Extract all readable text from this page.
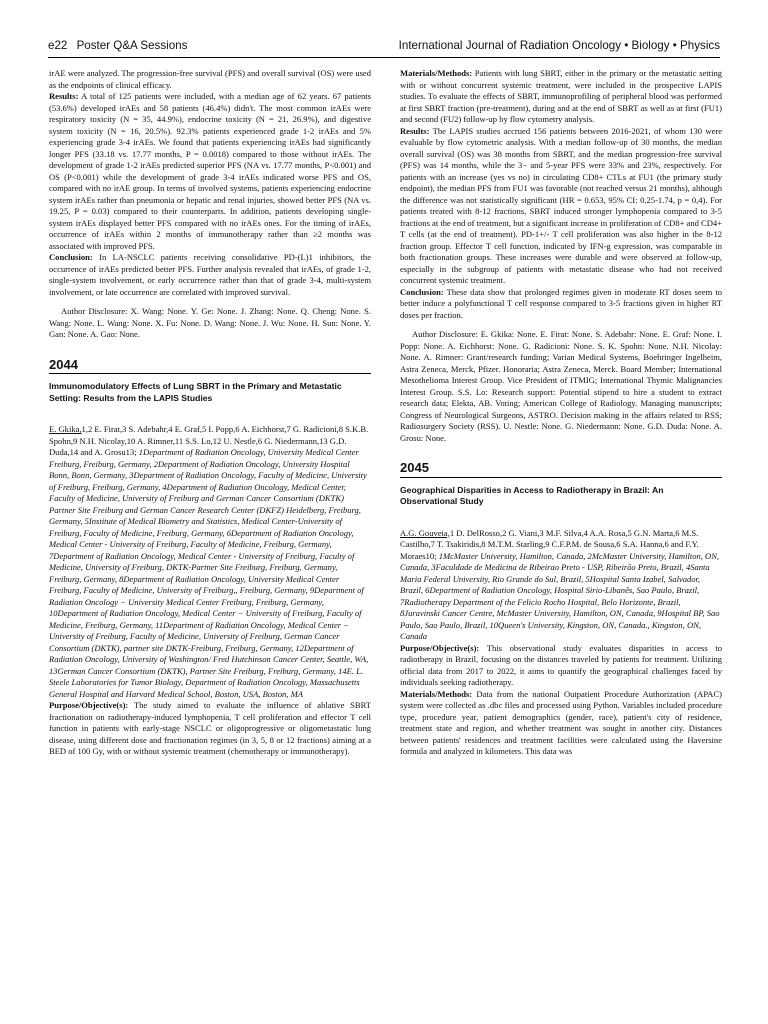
e22 Poster Q&A Sessions	International Journal of Radiation Oncology • Biology • Physics

irAE were analyzed. The progression-free survival (PFS) and overall survival (OS) were used as the endpoints of clinical efficacy.

Results: A total of 125 patients were included, with a median age of 62 years. 67 patients (53.6%) developed irAEs and 58 patients (46.4%) didn't. The most common irAEs were respiratory toxicity (N = 35, 44.9%), endocrine toxicity (N = 21, 26.9%), and digestive system toxicity (N = 16, 20.5%). 92.3% patients experienced grade 1-2 irAEs and 5% experiencing grade 3-4 irAEs. We found that patients experiencing irAEs had significantly longer PFS (33.18 vs. 17.77 months, P = 0.0018) compared to those without irAEs. The development of grade 1-2 irAEs predicted superior PFS (NA vs. 17.77 months, P<0.001) and OS (P<0.001) while the development of grade 3-4 irAEs indicated worse PFS and OS, compared with no irAE group. In terms of involved systems, patients experiencing endocrine system irAEs rather than pneumonia or hepatic and renal injuries, showed better PFS (NA vs. 19.25, P = 0.03) compared to their counterparts. In addition, patients developing single-system irAEs displayed better PFS compared with no irAEs ones. For the timing of irAEs, occurrence of irAEs within 2 months of immunotherapy rather than ≥2 months was associated with improved PFS.

Conclusion: In LA-NSCLC patients receiving consolidative PD-(L)1 inhibitors, the occurrence of irAEs predicted better PFS. Further analysis revealed that irAEs, of grade 1-2, single-system involvement, or early occurrence rather than that of grade 3-4, multi-system involvement, or late occurrence are correlated with improved survival.

Author Disclosure: X. Wang: None. Y. Ge: None. J. Zhang: None. Q. Cheng: None. S. Wang: None. L. Wang: None. X. Fu: None. D. Wang: None. J. Wu: None. H. Sun: None. Y. Gan: None. A. Gao: None.

2044
Immunomodulatory Effects of Lung SBRT in the Primary and Metastatic Setting: Results from the LAPIS Studies

E. Gkika,1,2 E. Firat,3 S. Adebahr,4 E. Graf,5 I. Popp,6 A. Eichhorst,7 G. Radicioni,8 S.K.B. Spohn,9 N.H. Nicolay,10 A. Rimner,11 S.S. Lo,12 U. Nestle,6 G. Niedermann,13 G.D. Duda,14 and A. Grosu13; 1Department of Radiation Oncology, University Medical Center Freiburg, Freiburg, Germany, 2Department of Radiation Oncology, University Hospital Bonn, Bonn, Germany, 3Department of Radiation Oncology, Faculty of Medicine, University of Freiburg, Freiburg, Germany, 4Department of Radiation Oncology, Medical Center, Faculty of Medicine, University of Freiburg and German Cancer Consortium (DKTK) Partner Site Freiburg and German Cancer Research Center (DKFZ) Heidelberg, Freiburg, Germany, 5Institute of Medical Biometry and Statistics, Medical Center-University of Freiburg, Faculty of Medicine, Freiburg, Germany, 6Department of Radiation Oncology, Medical Center - University of Freiburg, Faculty of Medicine, Freiburg, Germany, 7Department of Radiation Oncology, Medical Center - University of Freiburg, Faculty of Medicine, University of Freiburg, DKTK-Partner Site Freiburg, Freiburg, Germany, Freiburg, Germany, 8Department of Radiation Oncology, University Medical Center Freiburg, Faculty of Medicine, University of Freiburg,, Freiburg, Germany, 9Department of Radiation Oncology − University Medical Center Freiburg, Freiburg, Germany, 10Department of Radiation Oncology, Medical Center − University of Freiburg, Faculty of Medicine, Freiburg, Germany, 11Department of Radiation Oncology, Medical Center − University of Freiburg, Faculty of Medicine, University of Freiburg, German Cancer Consortium (DKTK), partner site DKTK-Freiburg, Freiburg, Germany, 12Department of Radiation Oncology, University of Washington/ Fred Hutchinson Cancer Center, Seattle, WA, 13German Cancer Consortium (DKTK), Partner Site Freiburg, Freiburg, Germany, 14E. L. Steele Laboratories for Tumor Biology, Department of Radiation Oncology, Massachusetts General Hospital and Harvard Medical School, Boston, USA, Boston, MA

Purpose/Objective(s): The study aimed to evaluate the influence of ablative SBRT fractionation on radiotherapy-induced lymphopenia, T cell proliferation and effector T cell function in patients with early-stage NSCLC or oligoprogressive or oligometastatic lung disease, using different dose and fractionation regimes (in 3, 5, 8 or 12 fractions) aiming at a BED of 100 Gy, with or without systemic treatment (chemotherapy or immunotherapy).

Materials/Methods: Patients with lung SBRT, either in the primary or the metastatic setting with or without concurrent systemic treatment, were included in the prospective LAPIS studies. To evaluate the effects of SBRT, immunoprofiling of peripheral blood was performed at first SBRT fraction (pre-treatment), during and at the end of SBRT as well as at first (FU1) and second (FU2) follow-up by flow cytometry analysis.

Results: The LAPIS studies accrued 156 patients between 2016-2021, of whom 130 were evaluable by flow cytometric analysis. With a median follow-up of 30 months, the median overall survival (OS) was 38 months from SBRT, and the median progression-free survival (PFS) was 14 months, while the 3− and 5-year PFS were 33% and 23%, respectively. For patients with an increase (yes vs no) in circulating CD8+ CTLs at FU1 (the primary study endpoint), the median PFS from FU1 was favorable (not reached versus 21 months), although the difference was not statistically significant (HR = 0.653, 95% CI: 0.25-1.74, p = 0,4). For patients treated with 8-12 fractions, SBRT induced stronger lymphopenia compared to 3-5 fractions at the end of treatment, but a significant increase in proliferation of CD8+ and CD4+ T cells (at the end of treatment). PD-1+/- T cell proliferation was also higher in the 8-12 fraction group. Effector T cell function, indicated by IFN-g expression, was comparable in both fractionation groups. These increases were durable and were observed at follow-up, especially in the subgroup of patients with metastatic disease who had not received concurrent systemic treatment.

Conclusion: These data show that prolonged regimes given in moderate RT doses seem to better induce a polyfunctional T cell response compared to 3-5 fractions given in higher RT doses per fraction.

Author Disclosure: E. Gkika: None. E. Firat: None. S. Adebahr: None. E. Graf: None. I. Popp: None. A. Eichhorst: None. G. Radicioni: None. S. K. Spohn: None. N.H. Nicolay: None. A. Rimner: Grant/research funding; Varian Medical Systems, Boehringer Ingelheim, Astra Zeneca, Merck, Pfizer. Honoraria; Astra Zeneca, Merck. Board Member; International Mesothelioma Interest Group. Vice President of ITMIG; International Thymic Malignancies Interest Group. S.S. Lo: Research support: Potential stipend to hire a student to extract research data; Elekta, AB. Voting; American College of Radiology. Managing manuscripts; Congress of Neurological Surgeons, ASTRO. Decision making in the affairs related to RSS; Radiosurgery Society (RSS). U. Nestle: None. G. Niedermann: None. G.D. Duda: None. A. Grosu: None.

2045
Geographical Disparities in Access to Radiotherapy in Brazil: An Observational Study

A.G. Gouveia,1 D. DelRosso,2 G. Viani,3 M.F. Silva,4 A.A. Rosa,5 G.N. Marta,6 M.S. Castilho,7 T. Tsakiridis,8 M.T.M. Starling,9 C.F.P.M. de Sousa,6 S.A. Hanna,6 and F.Y. Moraes10; 1McMaster University, Hamilton, Canada, 2McMaster University, Hamilton, ON, Canada, 3Faculdade de Medicina de Ribeirao Preto - USP, Ribeirão Preto, Brazil, 4Santa Maria Federal University, Rio Grande do Sul, Brazil, 5Hospital Santa Izabel, Salvador, Brazil, 6Department of Radiation Oncology, Hospital Sirio-Libanês, Sao Paulo, Brazil, 7Radiotherapy Department of the Felicio Rocho Hospital, Belo Horizonte, Brazil, 8Juravinski Cancer Centre, McMaster University, Hamilton, ON, Canada, 9Hospital BP, Sao Paulo, Sao Paulo, Brazil, 10Queen's University, Kingston, ON, Canada., Kingston, ON, Canada

Purpose/Objective(s): This observational study evaluates disparities in access to radiotherapy in Brazil, focusing on the distances traveled by patients for treatment. Utilizing official data from 2017 to 2022, it aims to quantify the geographical challenges faced by individuals seeking radiotherapy.

Materials/Methods: Data from the national Outpatient Procedure Authorization (APAC) system were collected as .dbc files and processed using Python. Variables included procedure type, procedure year, patient demographics (gender, race), patient's city of residence, treatment state and region, and whether treatment was sought in another city. Distances between patients' residences and treatment facilities were calculated using the Haversine formula and analyzed in kilometers. This data was
